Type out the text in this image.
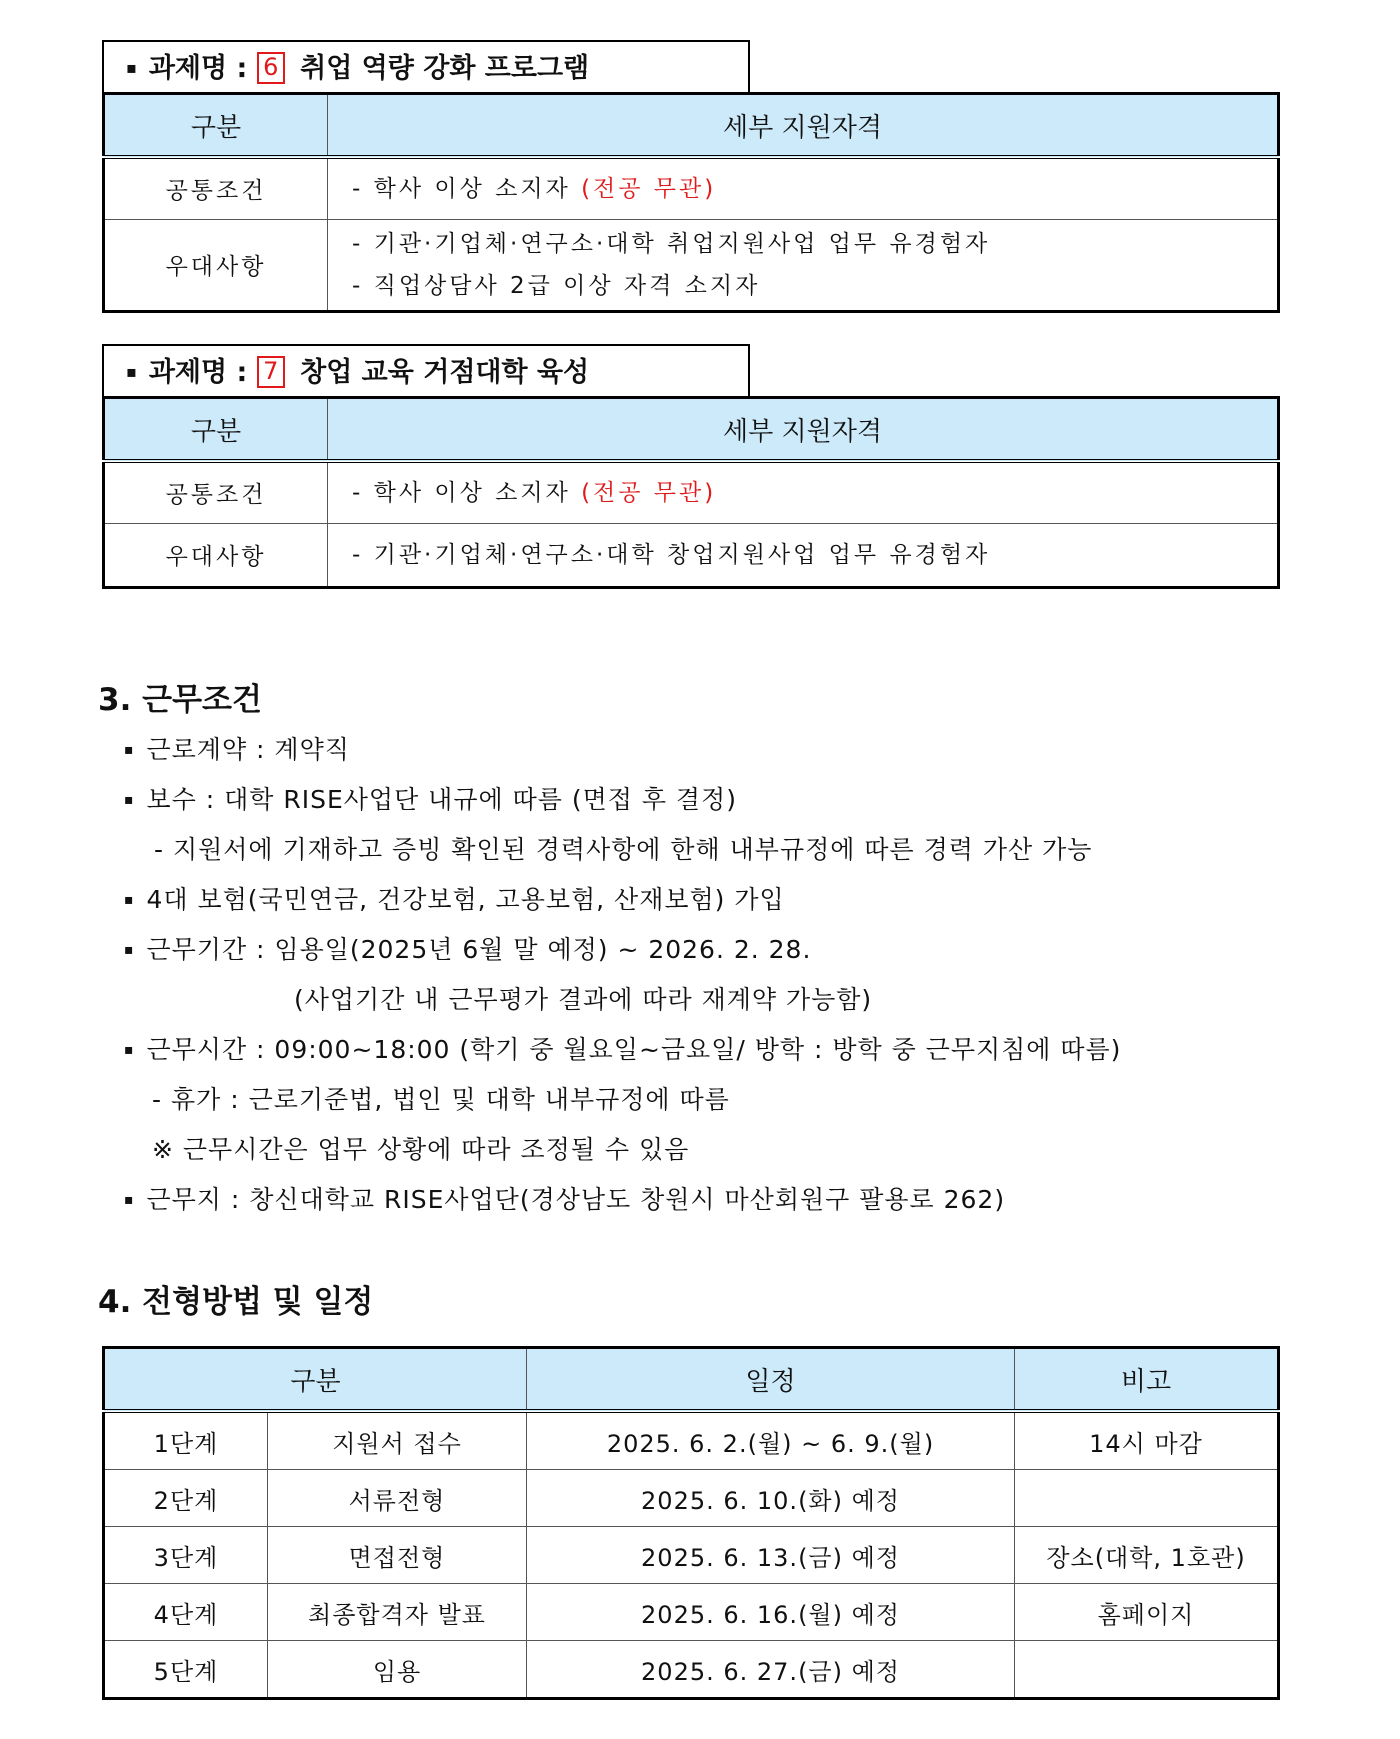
▪ 과제명 : 6 취업 역량 강화 프로그램
구분	세부 지원자격
공통조건	- 학사 이상 소지자 (전공 무관)
우대사항	- 기관·기업체·연구소·대학 취업지원사업 업무 유경험자
- 직업상담사 2급 이상 자격 소지자
▪ 과제명 : 7 창업 교육 거점대학 육성
구분	세부 지원자격
공통조건	- 학사 이상 소지자 (전공 무관)
우대사항	- 기관·기업체·연구소·대학 창업지원사업 업무 유경험자
3. 근무조건
▪ 근로계약 : 계약직
▪ 보수 : 대학 RISE사업단 내규에 따름 (면접 후 결정)
- 지원서에 기재하고 증빙 확인된 경력사항에 한해 내부규정에 따른 경력 가산 가능
▪ 4대 보험(국민연금, 건강보험, 고용보험, 산재보험) 가입
▪ 근무기간 : 임용일(2025년 6월 말 예정) ~ 2026. 2. 28.
(사업기간 내 근무평가 결과에 따라 재계약 가능함)
▪ 근무시간 : 09:00~18:00 (학기 중 월요일~금요일/ 방학 : 방학 중 근무지침에 따름)
- 휴가 : 근로기준법, 법인 및 대학 내부규정에 따름
※ 근무시간은 업무 상황에 따라 조정될 수 있음
▪ 근무지 : 창신대학교 RISE사업단(경상남도 창원시 마산회원구 팔용로 262)
4. 전형방법 및 일정
구분		일정	비고
1단계	지원서 접수	2025. 6. 2.(월) ~ 6. 9.(월)	14시 마감
2단계	서류전형	2025. 6. 10.(화) 예정	
3단계	면접전형	2025. 6. 13.(금) 예정	장소(대학, 1호관)
4단계	최종합격자 발표	2025. 6. 16.(월) 예정	홈페이지
5단계	임용	2025. 6. 27.(금) 예정	
